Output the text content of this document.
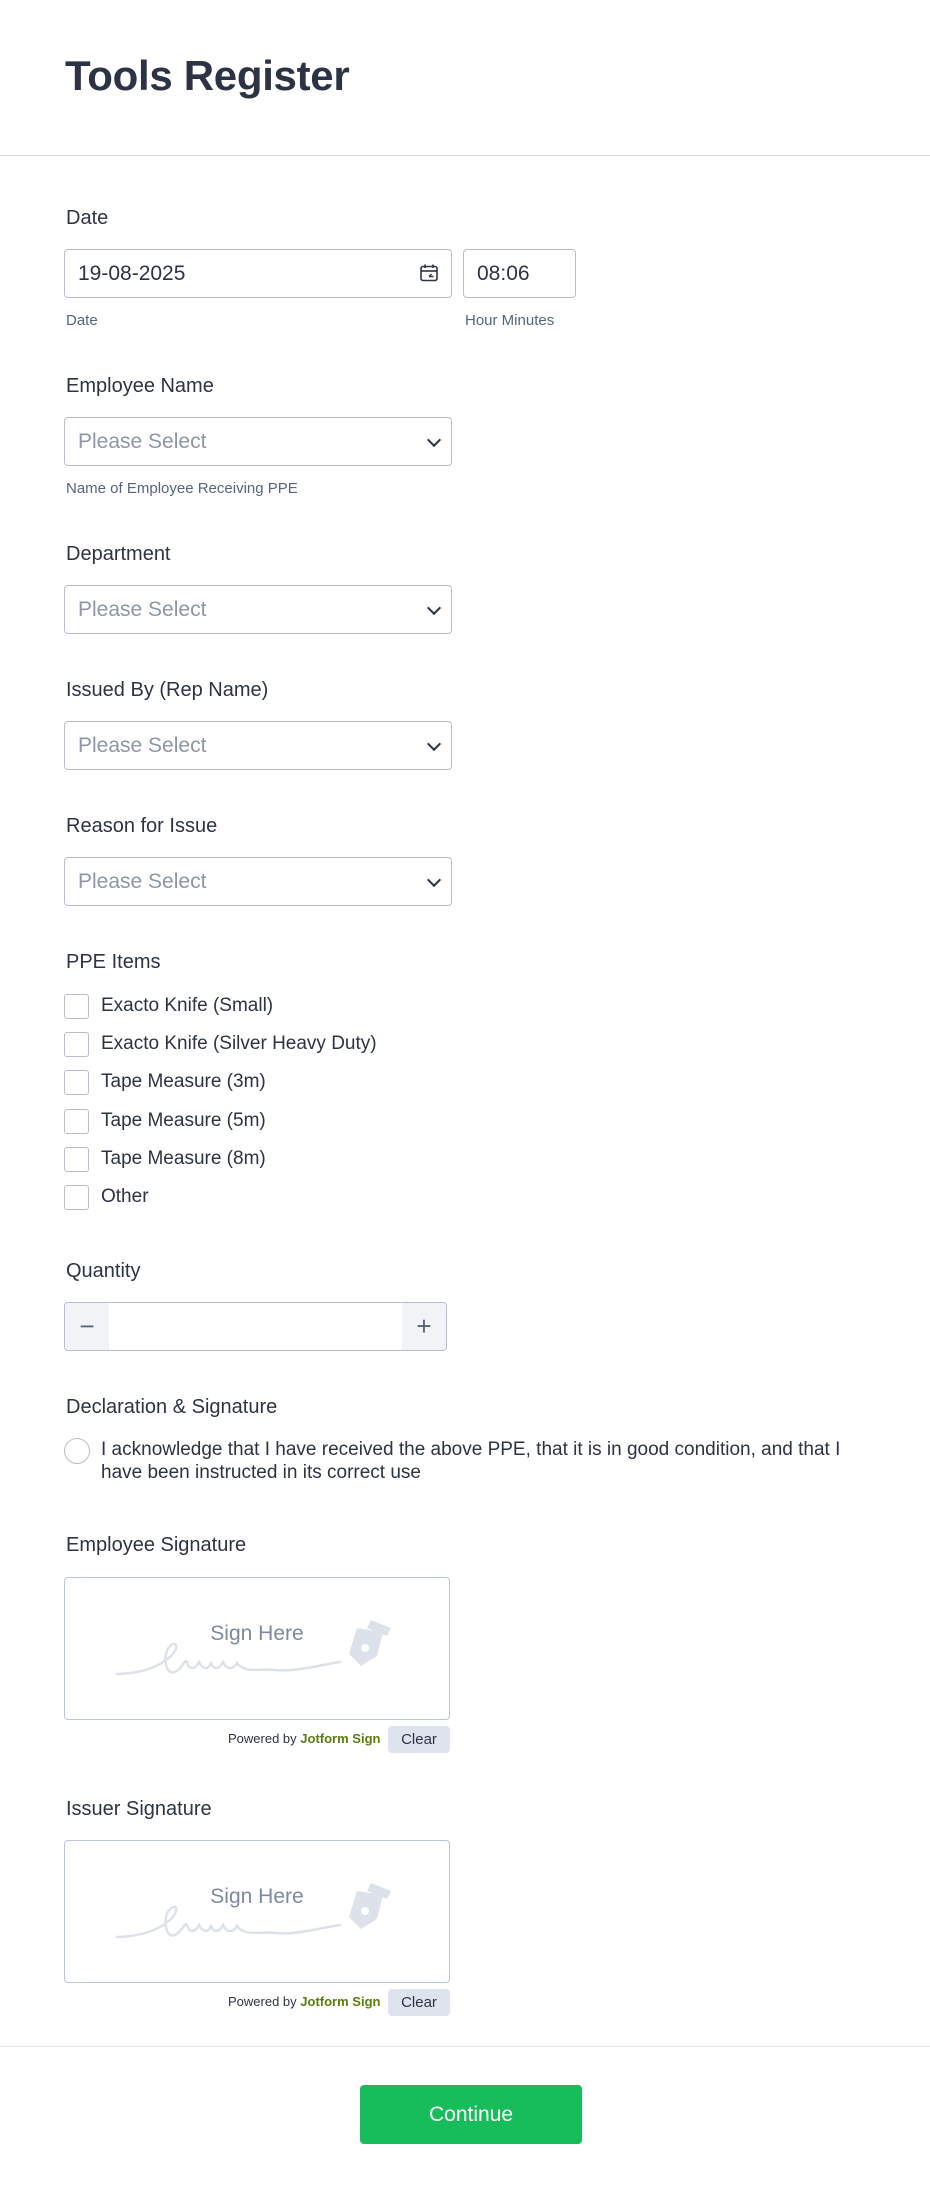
Tools Register
Date
19-08-2025	08:06
Date	Hour Minutes
Employee Name
Please Select
Name of Employee Receiving PPE
Department
Please Select
Issued By (Rep Name)
Please Select
Reason for Issue
Please Select
PPE Items
Exacto Knife (Small)
Exacto Knife (Silver Heavy Duty)
Tape Measure (3m)
Tape Measure (5m)
Tape Measure (8m)
Other
Quantity
−	+
Declaration & Signature
I acknowledge that I have received the above PPE, that it is in good condition, and that I have been instructed in its correct use
Employee Signature
Sign Here
Powered by Jotform Sign	Clear
Issuer Signature
Sign Here
Powered by Jotform Sign	Clear
Continue
